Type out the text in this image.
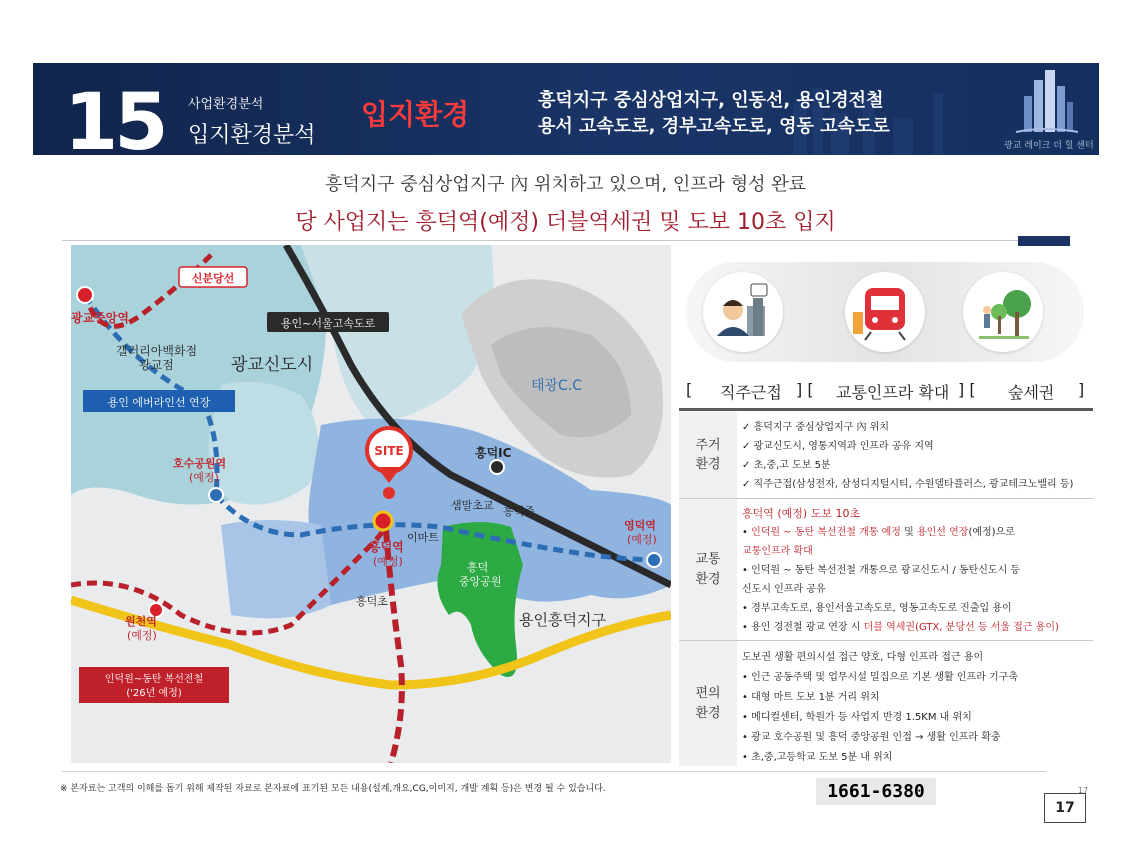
15 사업환경분석
입지환경분석
입지환경	흥덕지구 중심상업지구, 인동선, 용인경전철
용서 고속도로, 경부고속도로, 영동 고속도로
광교 레이크 더 힐 센터
흥덕지구 중심상업지구 內 위치하고 있으며, 인프라 형성 완료
당 사업지는 흥덕역(예정) 더블역세권 및 도보 10초 입지
SITE
신분당선
광교중앙역
갤러리아백화점
광교점	광교신도시
용인 에버라인선 연장
용인~서울고속도로
태광C.C
흥덕IC
호수공원역
(예정)
샘말초교 흥덕중
이마트
흥덕역
(예정)	흥덕
중앙공원
영덕역
(예정)
흥덕초
용인흥덕지구
원천역
(예정)
인덕원~동탄 복선전철
('26년 예정)
[ 직주근접 ] [ 교통인프라 확대 ] [ 숲세권 ]
주거
환경
✓ 흥덕지구 중심상업지구 內 위치
✓ 광교신도시, 영통지역과 인프라 공유 지역
✓ 초,중,고 도보 5분
✓ 직주근접(삼성전자, 삼성디지털시티, 수원델타플러스, 광교테크노밸리 등)
교통
환경
흥덕역 (예정) 도보 10초
• 인덕원 ~ 동탄 복선전철 개통 예정 및 용인선 연장(예정)으로
교통인프라 확대
• 인덕원 ~ 동탄 복선전철 개통으로 광교신도시 / 동탄신도시 등
신도시 인프라 공유
• 경부고속도로, 용인서울고속도로, 영동고속도로 진출입 용이
• 용인 경전철 광교 연장 시 더블 역세권(GTX, 분당선 등 서울 접근 용이)
편의
환경
도보권 생활 편의시설 접근 양호, 다형 인프라 접근 용이
• 인근 공동주택 및 업무시설 밀집으로 기본 생활 인프라 기구축
• 대형 마트 도보 1분 거리 위치
• 메디컬센터, 학원가 등 사업지 반경 1.5KM 내 위치
• 광교 호수공원 및 흥덕 중앙공원 인접 → 생활 인프라 확충
• 초,중,고등학교 도보 5분 내 위치
※ 본자료는 고객의 이해를 돕기 위해 제작된 자료로 본자료에 표기된 모든 내용(설계,개요,CG,이미지, 개발 계획 등)은 변경 될 수 있습니다.	1661-6380	17
17
